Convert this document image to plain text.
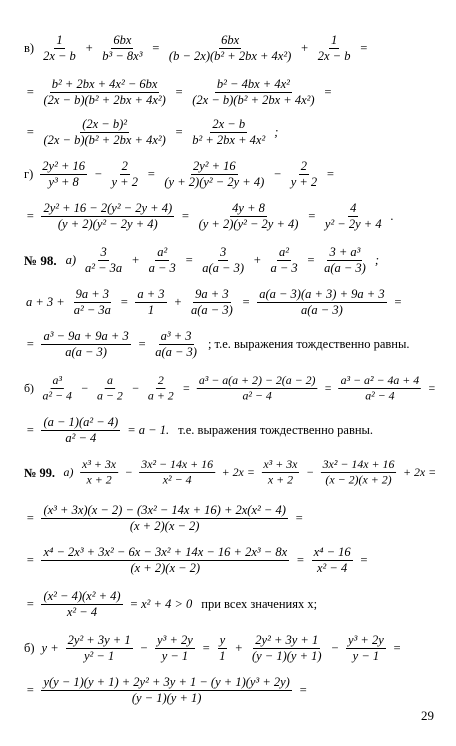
$в) \frac{1}{2x - b} + \frac{6bx}{\text{b³ − 8x³}} = \frac{6bx}{\text{(b − 2x)(b² + 2bx + 4x²)}} + \frac{1}{2x - b}$ =
= $\frac{\text{b² + 2bx + 4x² − 6bx}}{\text{(2x − b)(b² + 2bx + 4x²)}} = \frac{\text{b² − 4bx + 4x²}}{\text{(2x − b)(b² + 2bx + 4x²)}}$ =
= $\frac{\text{(2x − b)²}}{\text{(2x − b)(b² + 2bx + 4x²)}} = \frac{2x - b}{\text{b² + 2bx + 4x²}}$ ;
$г) \frac{\text{2y² + 16}}{\text{y³ + 8}} - \frac{2}{y + 2} = \frac{\text{2y² + 16}}{\text{(y + 2)(y² − 2y + 4)}} - \frac{2}{y + 2}$ =
= $\frac{\text{2y² + 16 − 2(y² − 2y + 4)}}{\text{(y + 2)(y² − 2y + 4)}} = \frac{4y + 8}{\text{(y + 2)(y² − 2y + 4)}} = \frac{4}{\text{y² − 2y + 4}}$ .
№ 98. $а) \frac{3}{\text{a² − 3a}} + \frac{\text{a²}}{a - 3} = \frac{3}{a(a - 3)} + \frac{\text{a²}}{a - 3} = \frac{\text{3 + a³}}{a(a - 3)}$ ;
$a + 3 + \frac{9a + 3}{\text{a² − 3a}} = \frac{a + 3}{1} + \frac{9a + 3}{a(a - 3)} = \frac{a(a - 3)(a + 3) + 9a + 3}{a(a - 3)}$ =
= $\frac{\text{a³ − 9a + 9a + 3}}{a(a - 3)} = \frac{\text{a³ + 3}}{a(a - 3)}$ ; т.е. выражения тождественно равны.
$б) \frac{\text{a³}}{\text{a² − 4}} - \frac{a}{a - 2} - \frac{2}{a + 2} = \frac{\text{a³ − a(a + 2) − 2(a − 2)}}{\text{a² − 4}} = \frac{\text{a³ − a² − 4a + 4}}{\text{a² − 4}}$ =
= $\frac{\text{(a − 1)(a² − 4)}}{\text{a² − 4}} = a - 1$. т.е. выражения тождественно равны.
№ 99. $а) \frac{\text{x³ + 3x}}{x + 2} - \frac{\text{3x² − 14x + 16}}{\text{x² − 4}} + 2x = \frac{\text{x³ + 3x}}{x + 2} - \frac{\text{3x² − 14x + 16}}{(x - 2)(x + 2)} + 2x$ =
= $\frac{\text{(x³ + 3x)(x − 2) − (3x² − 14x + 16) + 2x(x² − 4)}}{(x + 2)(x - 2)}$ =
= $\frac{\text{x⁴ − 2x³ + 3x² − 6x − 3x² + 14x − 16 + 2x³ − 8x}}{(x + 2)(x - 2)} = \frac{\text{x⁴ − 16}}{\text{x² − 4}}$ =
= $\frac{\text{(x² − 4)(x² + 4)}}{\text{x² − 4}} = x^2 + 4 > 0$ при всех значениях x;
б) $y + \frac{\text{2y² + 3y + 1}}{\text{y² − 1}} - \frac{\text{y³ + 2y}}{y - 1} = \frac{y}{1} + \frac{\text{2y² + 3y + 1}}{(y - 1)(y + 1)} - \frac{\text{y³ + 2y}}{y - 1}$ =
= $\frac{\text{y(y − 1)(y + 1) + 2y² + 3y + 1 − (y + 1)(y³ + 2y)}}{(y - 1)(y + 1)}$ =
29
